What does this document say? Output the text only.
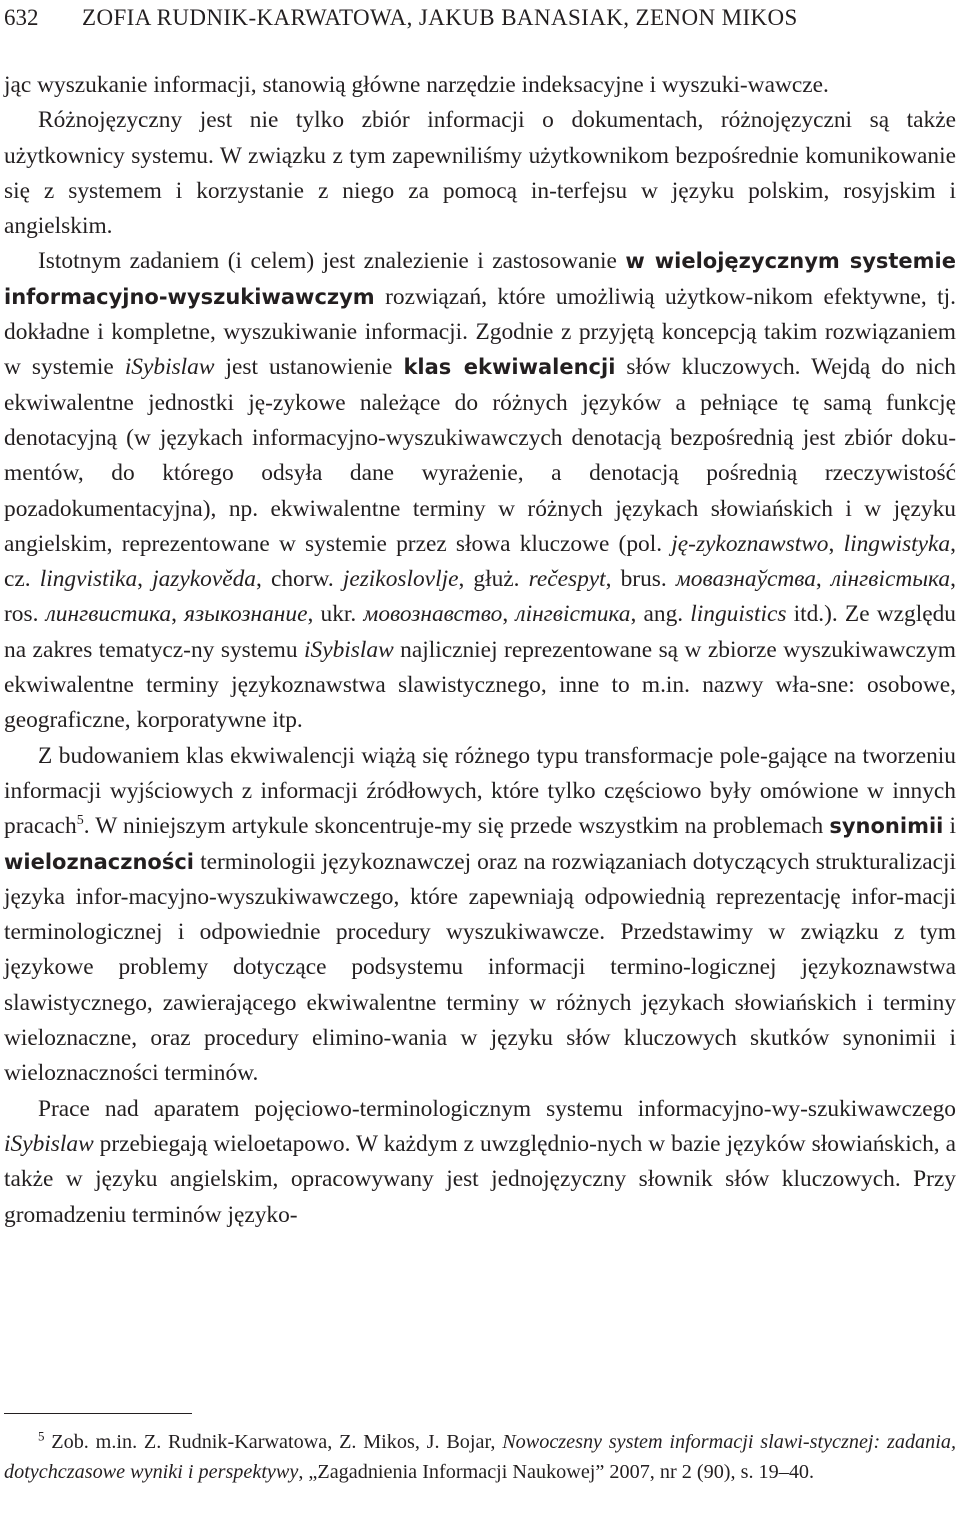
632 ZOFIA RUDNIK-KARWATOWA, JAKUB BANASIAK, ZENON MIKOS

jąc wyszukanie informacji, stanowią główne narzędzie indeksacyjne i wyszuki-wawcze.

Różnojęzyczny jest nie tylko zbiór informacji o dokumentach, różnojęzyczni są także użytkownicy systemu. W związku z tym zapewniliśmy użytkownikom bezpośrednie komunikowanie się z systemem i korzystanie z niego za pomocą in-terfejsu w języku polskim, rosyjskim i angielskim.

Istotnym zadaniem (i celem) jest znalezienie i zastosowanie w wielojęzycznym systemie informacyjno-wyszukiwawczym rozwiązań, które umożliwią użytkow-nikom efektywne, tj. dokładne i kompletne, wyszukiwanie informacji. Zgodnie z przyjętą koncepcją takim rozwiązaniem w systemie iSybislaw jest ustanowienie klas ekwiwalencji słów kluczowych. Wejdą do nich ekwiwalentne jednostki ję-zykowe należące do różnych języków a pełniące tę samą funkcję denotacyjną (w językach informacyjno-wyszukiwawczych denotacją bezpośrednią jest zbiór doku-mentów, do którego odsyła dane wyrażenie, a denotacją pośrednią rzeczywistość pozadokumentacyjna), np. ekwiwalentne terminy w różnych językach słowiańskich i w języku angielskim, reprezentowane w systemie przez słowa kluczowe (pol. ję-zykoznawstwo, lingwistyka, cz. lingvistika, jazykověda, chorw. jezikoslovlje, głuż. rečespyt, brus. мовазнаўства, лінгвістыка, ros. лингвистика, языкознание, ukr. мовознавство, лінгвістика, ang. linguistics itd.). Ze względu na zakres tematycz-ny systemu iSybislaw najliczniej reprezentowane są w zbiorze wyszukiwawczym ekwiwalentne terminy językoznawstwa slawistycznego, inne to m.in. nazwy wła-sne: osobowe, geograficzne, korporatywne itp.

Z budowaniem klas ekwiwalencji wiążą się różnego typu transformacje pole-gające na tworzeniu informacji wyjściowych z informacji źródłowych, które tylko częściowo były omówione w innych pracach$^5$. W niniejszym artykule skoncentruje-my się przede wszystkim na problemach synonimii i wieloznaczności terminologii językoznawczej oraz na rozwiązaniach dotyczących strukturalizacji języka infor-macyjno-wyszukiwawczego, które zapewniają odpowiednią reprezentację infor-macji terminologicznej i odpowiednie procedury wyszukiwawcze. Przedstawimy w związku z tym językowe problemy dotyczące podsystemu informacji termino-logicznej językoznawstwa slawistycznego, zawierającego ekwiwalentne terminy w różnych językach słowiańskich i terminy wieloznaczne, oraz procedury elimino-wania w języku słów kluczowych skutków synonimii i wieloznaczności terminów.

Prace nad aparatem pojęciowo-terminologicznym systemu informacyjno-wy-szukiwawczego iSybislaw przebiegają wieloetapowo. W każdym z uwzględnio-nych w bazie języków słowiańskich, a także w języku angielskim, opracowywany jest jednojęzyczny słownik słów kluczowych. Przy gromadzeniu terminów języko-

$^5$ Zob. m.in. Z. Rudnik-Karwatowa, Z. Mikos, J. Bojar, Nowoczesny system informacji slawi-stycznej: zadania, dotychczasowe wyniki i perspektywy, „Zagadnienia Informacji Naukowej” 2007, nr 2 (90), s. 19–40.
